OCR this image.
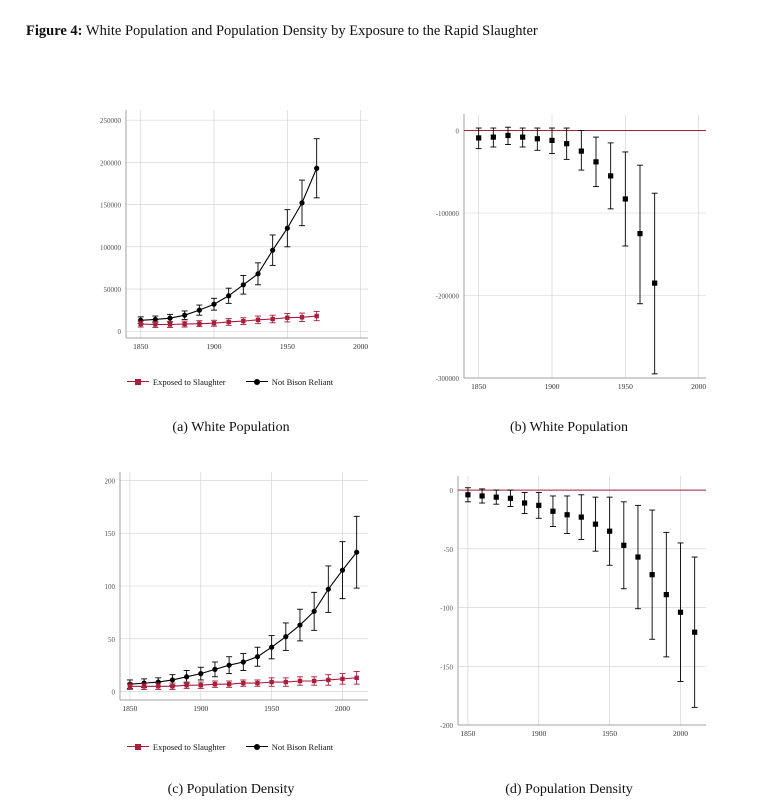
Figure 4: White Population and Population Density by Exposure to the Rapid Slaughter
0
50000
100000
150000
200000
250000
1850	1900	1950	2000
Exposed to Slaughter	Not Bison Reliant
(a) White Population
0
-100000
-200000
-300000
1850	1900	1950	2000
(b) White Population
0
50
100
150
200
1850	1900	1950	2000
Exposed to Slaughter	Not Bison Reliant
(c) Population Density
0
-50
-100
-150
-200
1850	1900	1950	2000
(d) Population Density
